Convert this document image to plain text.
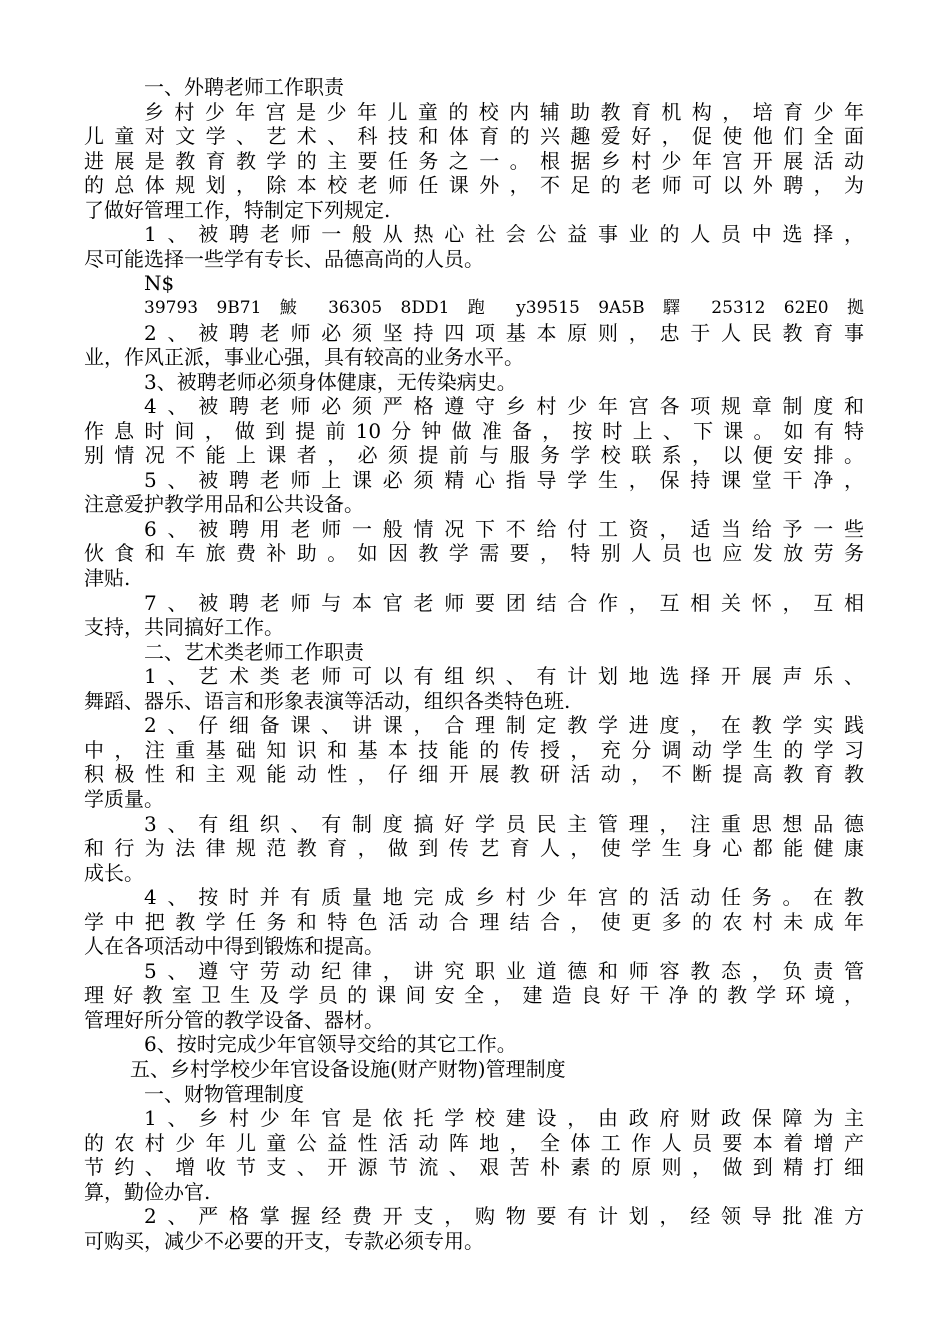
一、外聘老师工作职责
乡村少年宫是少年儿童的校内辅助教育机构，培育少年
儿童对文学、艺术、科技和体育的兴趣爱好，促使他们全面
进展是教育教学的主要任务之一。根据乡村少年宫开展活动
的总体规划，除本校老师任课外，不足的老师可以外聘，为
了做好管理工作，特制定下列规定.
1、被聘老师一般从热心社会公益事业的人员中选择，
尽可能选择一些学有专长、品德高尚的人员。
N$
39793 9B71 鮍 36305 8DD1 跑 y39515 9A5B 驛 25312 62E0 拠
2、被聘老师必须坚持四项基本原则，忠于人民教育事
业，作风正派，事业心强，具有较高的业务水平。
3、被聘老师必须身体健康，无传染病史。
4、被聘老师必须严格遵守乡村少年宫各项规章制度和
作息时间，做到提前10分钟做准备，按时上、下课。如有特
别情况不能上课者，必须提前与服务学校联系，以便安排。
5、被聘老师上课必须精心指导学生，保持课堂干净，
注意爱护教学用品和公共设备。
6、被聘用老师一般情况下不给付工资，适当给予一些
伙食和车旅费补助。如因教学需要，特别人员也应发放劳务
津贴.
7、被聘老师与本官老师要团结合作，互相关怀，互相
支持，共同搞好工作。
二、艺术类老师工作职责
1、艺术类老师可以有组织、有计划地选择开展声乐、
舞蹈、器乐、语言和形象表演等活动，组织各类特色班.
2、仔细备课、讲课，合理制定教学进度，在教学实践
中，注重基础知识和基本技能的传授，充分调动学生的学习
积极性和主观能动性，仔细开展教研活动，不断提高教育教
学质量。
3、有组织、有制度搞好学员民主管理，注重思想品德
和行为法律规范教育，做到传艺育人，使学生身心都能健康
成长。
4、按时并有质量地完成乡村少年宫的活动任务。在教
学中把教学任务和特色活动合理结合，使更多的农村未成年
人在各项活动中得到锻炼和提高。
5、遵守劳动纪律，讲究职业道德和师容教态，负责管
理好教室卫生及学员的课间安全，建造良好干净的教学环境，
管理好所分管的教学设备、器材。
6、按时完成少年官领导交给的其它工作。
五、乡村学校少年官设备设施(财产财物)管理制度
一、财物管理制度
1、乡村少年官是依托学校建设，由政府财政保障为主
的农村少年儿童公益性活动阵地，全体工作人员要本着增产
节约、增收节支、开源节流、艰苦朴素的原则，做到精打细
算，勤俭办官.
2、严格掌握经费开支，购物要有计划，经领导批准方
可购买，减少不必要的开支，专款必须专用。
